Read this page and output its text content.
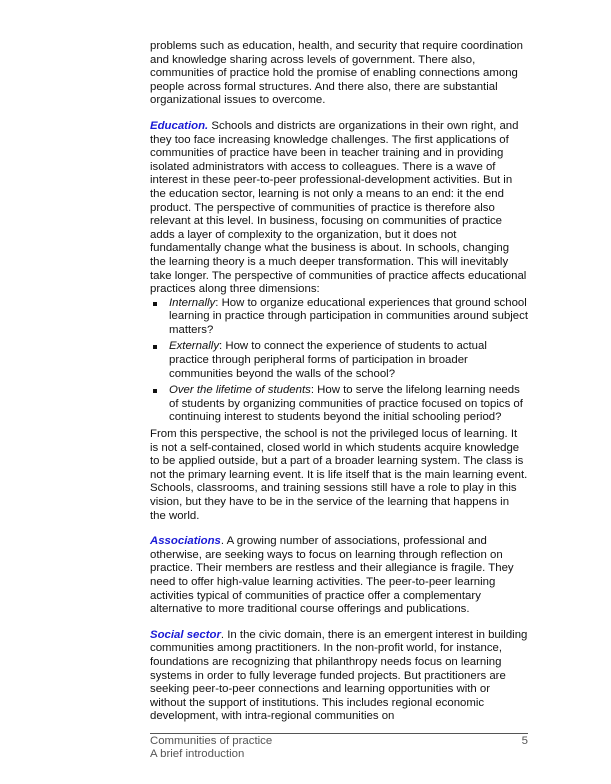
problems such as education, health, and security that require coordination and knowledge sharing across levels of government. There also, communities of practice hold the promise of enabling connections among people across formal structures. And there also, there are substantial organizational issues to overcome.

Education. Schools and districts are organizations in their own right, and they too face increasing knowledge challenges. The first applications of communities of practice have been in teacher training and in providing isolated administrators with access to colleagues. There is a wave of interest in these peer-to-peer professional-development activities. But in the education sector, learning is not only a means to an end: it the end product. The perspective of communities of practice is therefore also relevant at this level. In business, focusing on communities of practice adds a layer of complexity to the organization, but it does not fundamentally change what the business is about. In schools, changing the learning theory is a much deeper transformation. This will inevitably take longer. The perspective of communities of practice affects educational practices along three dimensions:

Internally: How to organize educational experiences that ground school learning in practice through participation in communities around subject matters?
Externally: How to connect the experience of students to actual practice through peripheral forms of participation in broader communities beyond the walls of the school?
Over the lifetime of students: How to serve the lifelong learning needs of students by organizing communities of practice focused on topics of continuing interest to students beyond the initial schooling period?

From this perspective, the school is not the privileged locus of learning. It is not a self-contained, closed world in which students acquire knowledge to be applied outside, but a part of a broader learning system. The class is not the primary learning event. It is life itself that is the main learning event. Schools, classrooms, and training sessions still have a role to play in this vision, but they have to be in the service of the learning that happens in the world.

Associations. A growing number of associations, professional and otherwise, are seeking ways to focus on learning through reflection on practice. Their members are restless and their allegiance is fragile. They need to offer high-value learning activities. The peer-to-peer learning activities typical of communities of practice offer a complementary alternative to more traditional course offerings and publications.

Social sector. In the civic domain, there is an emergent interest in building communities among practitioners. In the non-profit world, for instance, foundations are recognizing that philanthropy needs focus on learning systems in order to fully leverage funded projects. But practitioners are seeking peer-to-peer connections and learning opportunities with or without the support of institutions. This includes regional economic development, with intra-regional communities on

Communities of practice
A brief introduction
5
